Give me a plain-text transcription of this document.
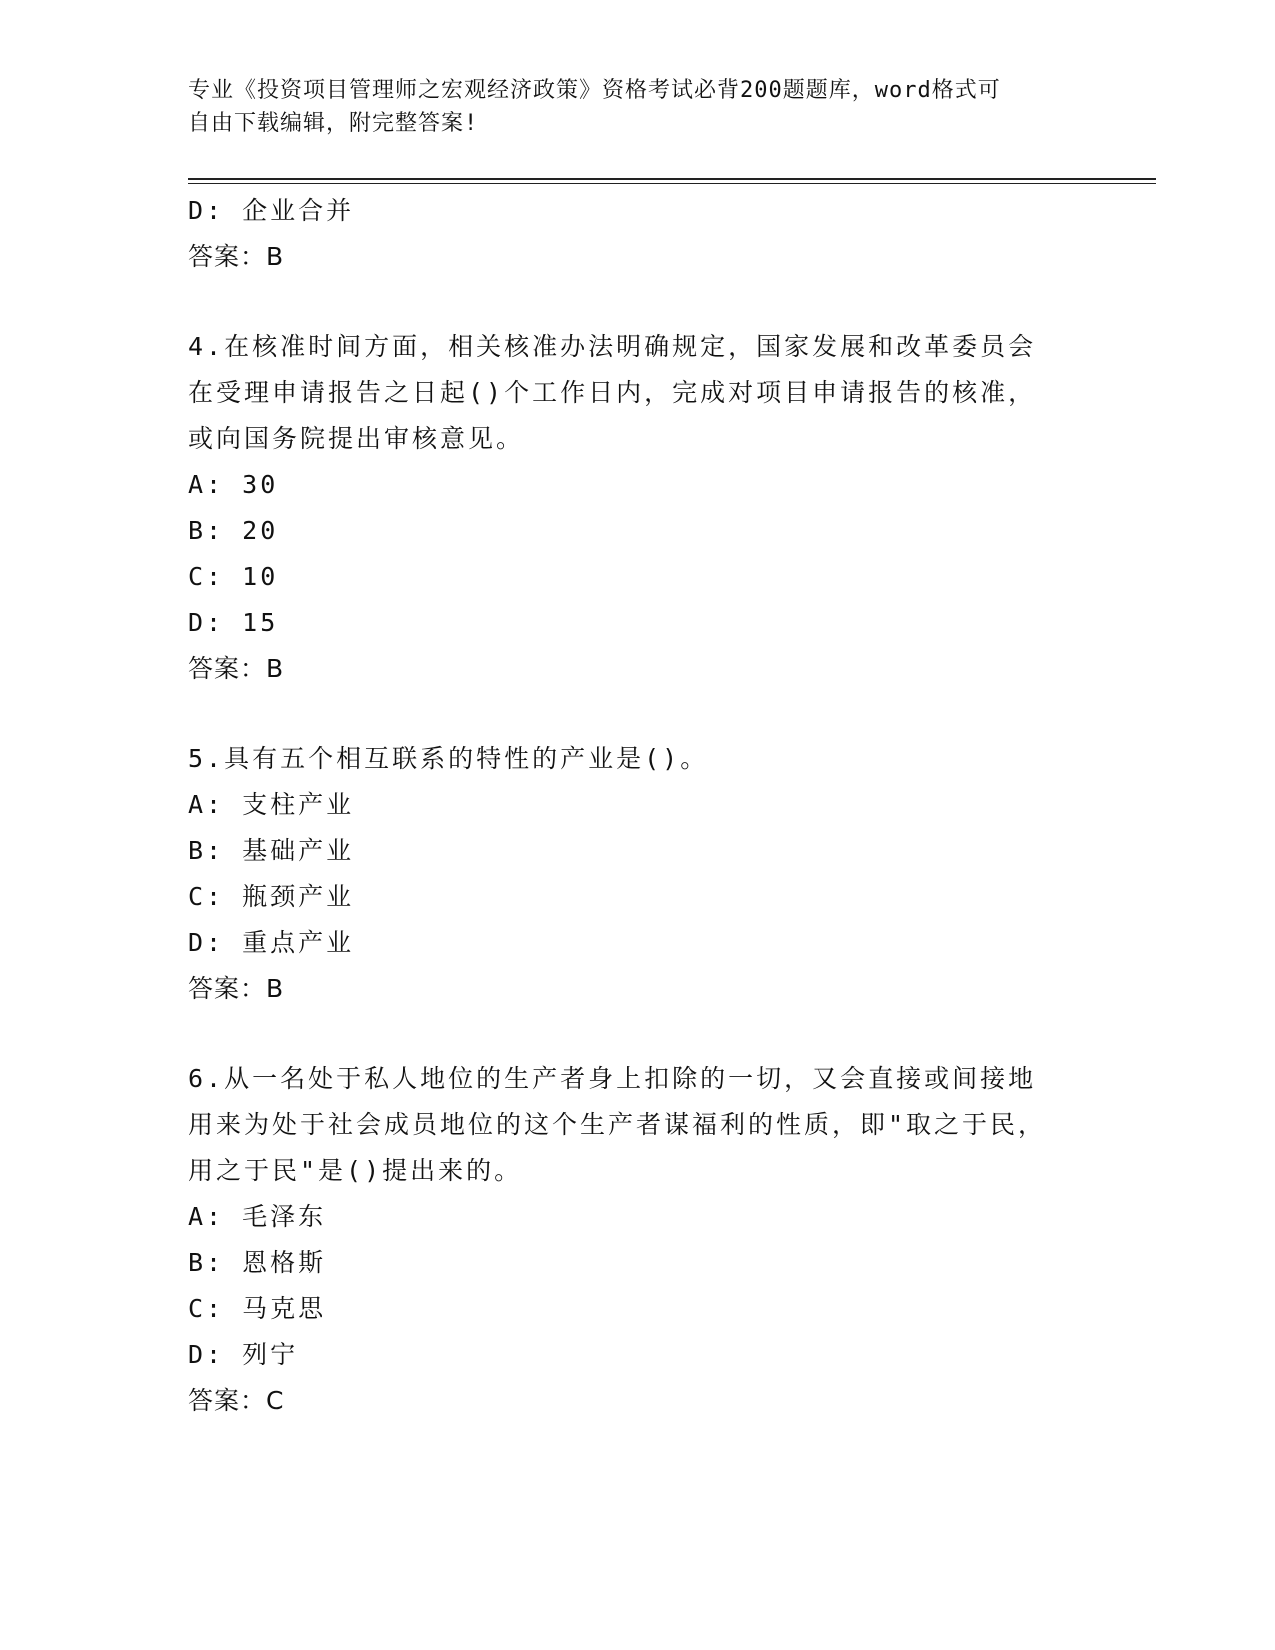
专业《投资项目管理师之宏观经济政策》资格考试必背200题题库，word格式可
自由下载编辑，附完整答案!
D: 企业合并
答案：B
4.在核准时间方面，相关核准办法明确规定，国家发展和改革委员会
在受理申请报告之日起()个工作日内，完成对项目申请报告的核准，
或向国务院提出审核意见。
A: 30
B: 20
C: 10
D: 15
答案：B
5.具有五个相互联系的特性的产业是()。
A: 支柱产业
B: 基础产业
C: 瓶颈产业
D: 重点产业
答案：B
6.从一名处于私人地位的生产者身上扣除的一切，又会直接或间接地
用来为处于社会成员地位的这个生产者谋福利的性质，即"取之于民，
用之于民"是()提出来的。
A: 毛泽东
B: 恩格斯
C: 马克思
D: 列宁
答案：C
